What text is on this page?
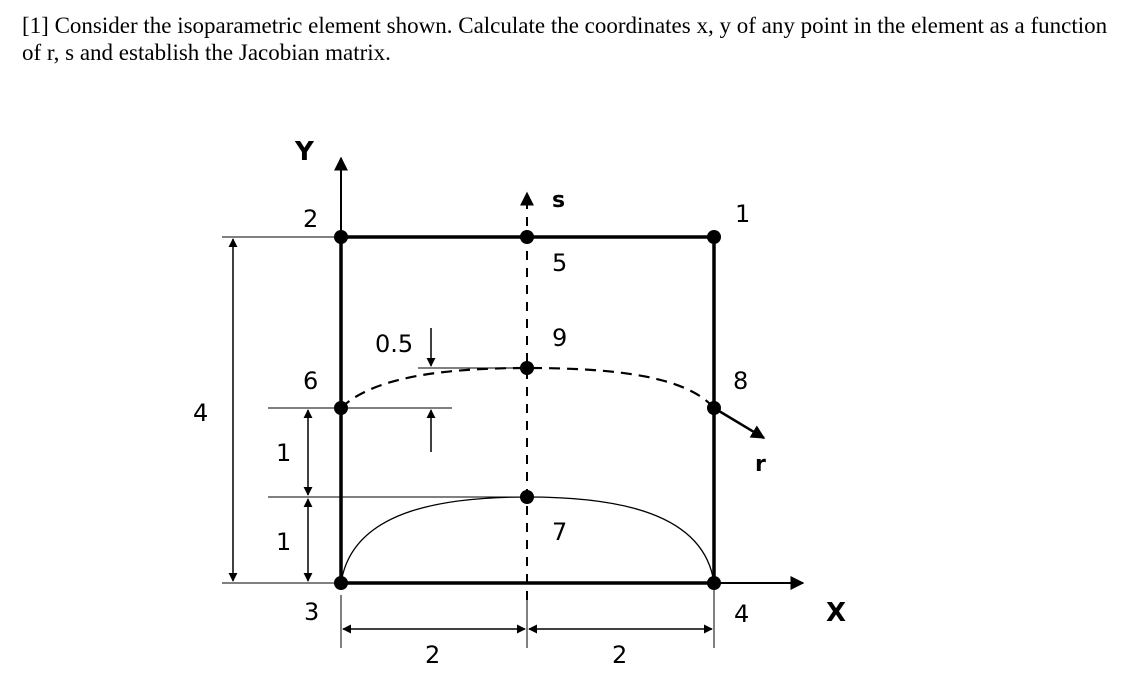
[1] Consider the isoparametric element shown. Calculate the coordinates x, y of any point in the element as a function of r, s and establish the Jacobian matrix.
Y
X
r
s	1
2
3	4
5
6
7
8
9
4
1
1
0.5
2	2
